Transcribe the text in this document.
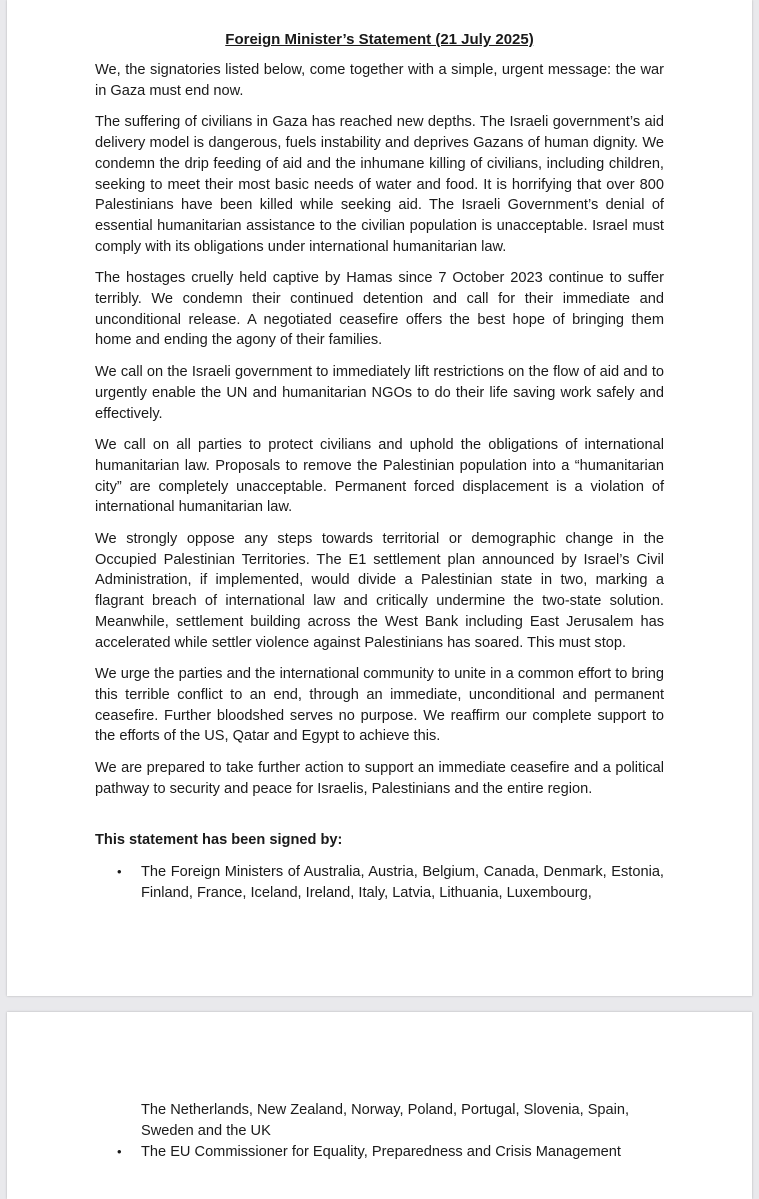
Foreign Minister’s Statement (21 July 2025)

We, the signatories listed below, come together with a simple, urgent message: the war in Gaza must end now.

The suffering of civilians in Gaza has reached new depths. The Israeli government’s aid delivery model is dangerous, fuels instability and deprives Gazans of human dignity. We condemn the drip feeding of aid and the inhumane killing of civilians, including children, seeking to meet their most basic needs of water and food. It is horrifying that over 800 Palestinians have been killed while seeking aid. The Israeli Government’s denial of essential humanitarian assistance to the civilian population is unacceptable. Israel must comply with its obligations under international humanitarian law.

The hostages cruelly held captive by Hamas since 7 October 2023 continue to suffer terribly. We condemn their continued detention and call for their immediate and unconditional release. A negotiated ceasefire offers the best hope of bringing them home and ending the agony of their families.

We call on the Israeli government to immediately lift restrictions on the flow of aid and to urgently enable the UN and humanitarian NGOs to do their life saving work safely and effectively.

We call on all parties to protect civilians and uphold the obligations of international humanitarian law. Proposals to remove the Palestinian population into a “humanitarian city” are completely unacceptable. Permanent forced displacement is a violation of international humanitarian law.

We strongly oppose any steps towards territorial or demographic change in the Occupied Palestinian Territories. The E1 settlement plan announced by Israel’s Civil Administration, if implemented, would divide a Palestinian state in two, marking a flagrant breach of international law and critically undermine the two-state solution. Meanwhile, settlement building across the West Bank including East Jerusalem has accelerated while settler violence against Palestinians has soared. This must stop.

We urge the parties and the international community to unite in a common effort to bring this terrible conflict to an end, through an immediate, unconditional and permanent ceasefire. Further bloodshed serves no purpose. We reaffirm our complete support to the efforts of the US, Qatar and Egypt to achieve this.

We are prepared to take further action to support an immediate ceasefire and a political pathway to security and peace for Israelis, Palestinians and the entire region.

This statement has been signed by:

• The Foreign Ministers of Australia, Austria, Belgium, Canada, Denmark, Estonia, Finland, France, Iceland, Ireland, Italy, Latvia, Lithuania, Luxembourg,
The Netherlands, New Zealand, Norway, Poland, Portugal, Slovenia, Spain, Sweden and the UK
• The EU Commissioner for Equality, Preparedness and Crisis Management
